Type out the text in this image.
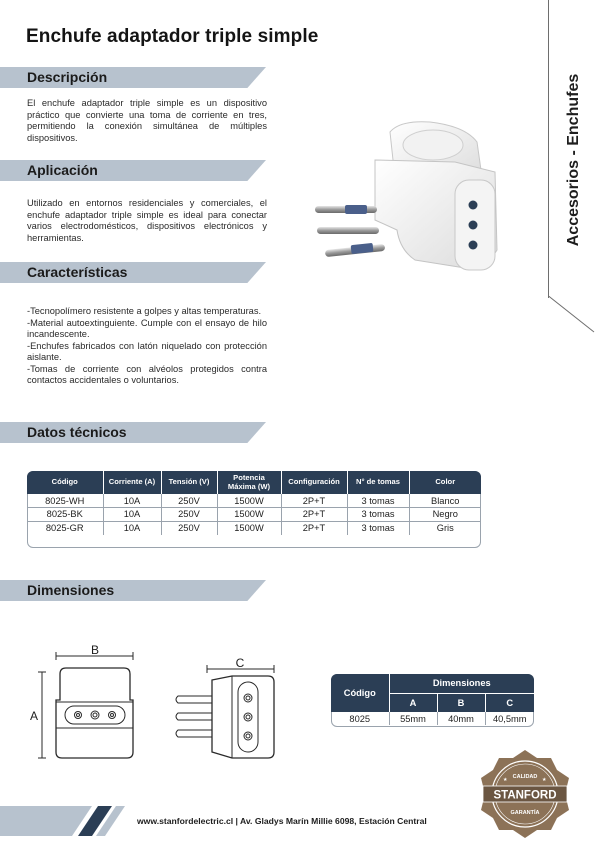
Enchufe adaptador triple simple
Accesorios - Enchufes
Descripción
El enchufe adaptador triple simple es un dispositivo práctico que convierte una toma de corriente en tres, permitiendo la conexión simultánea de múltiples dispositivos.
Aplicación
Utilizado en entornos residenciales y comerciales, el enchufe adaptador triple simple es ideal para conectar varios electrodomésticos, dispositivos electrónicos y herramientas.
Características
-Tecnopolímero resistente a golpes y altas temperaturas.
-Material autoextinguiente. Cumple con el ensayo de hilo incandescente.
-Enchufes fabricados con latón niquelado con protección aislante.
-Tomas de corriente con alvéolos protegidos contra contactos accidentales o voluntarios.
Datos técnicos
Código	Corriente (A)	Tensión (V)	Potencia Máxima (W)	Configuración	N° de tomas	Color
8025-WH	10A	250V	1500W	2P+T	3 tomas	Blanco
8025-BK	10A	250V	1500W	2P+T	3 tomas	Negro
8025-GR	10A	250V	1500W	2P+T	3 tomas	Gris
Dimensiones
B
A
C
Código	Dimensiones		
	A	B	C
8025	55mm	40mm	40,5mm
STANFORD
CALIDAD
GARANTÍA
★	★
www.stanfordelectric.cl | Av. Gladys Marín Millie 6098, Estación Central
